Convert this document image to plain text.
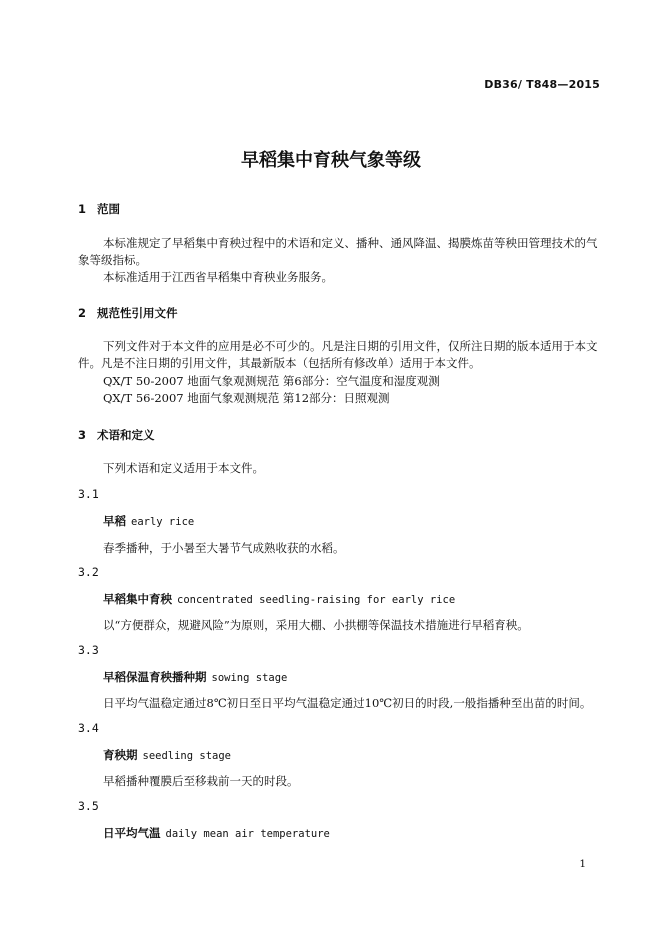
DB36/ T848—2015
早稻集中育秧气象等级
1 范围
本标准规定了早稻集中育秧过程中的术语和定义、播种、通风降温、揭膜炼苗等秧田管理技术的气象等级指标。
本标准适用于江西省早稻集中育秧业务服务。
2 规范性引用文件
下列文件对于本文件的应用是必不可少的。凡是注日期的引用文件，仅所注日期的版本适用于本文件。凡是不注日期的引用文件，其最新版本（包括所有修改单）适用于本文件。
QX/T 50-2007 地面气象观测规范 第6部分：空气温度和湿度观测
QX/T 56-2007 地面气象观测规范 第12部分：日照观测
3 术语和定义
下列术语和定义适用于本文件。
3.1
早稻 early rice
春季播种，于小暑至大暑节气成熟收获的水稻。
3.2
早稻集中育秧 concentrated seedling-raising for early rice
以“方便群众，规避风险”为原则，采用大棚、小拱棚等保温技术措施进行早稻育秧。
3.3
早稻保温育秧播种期 sowing stage
日平均气温稳定通过8℃初日至日平均气温稳定通过10℃初日的时段,一般指播种至出苗的时间。
3.4
育秧期 seedling stage
早稻播种覆膜后至移栽前一天的时段。
3.5
日平均气温 daily mean air temperature
1
